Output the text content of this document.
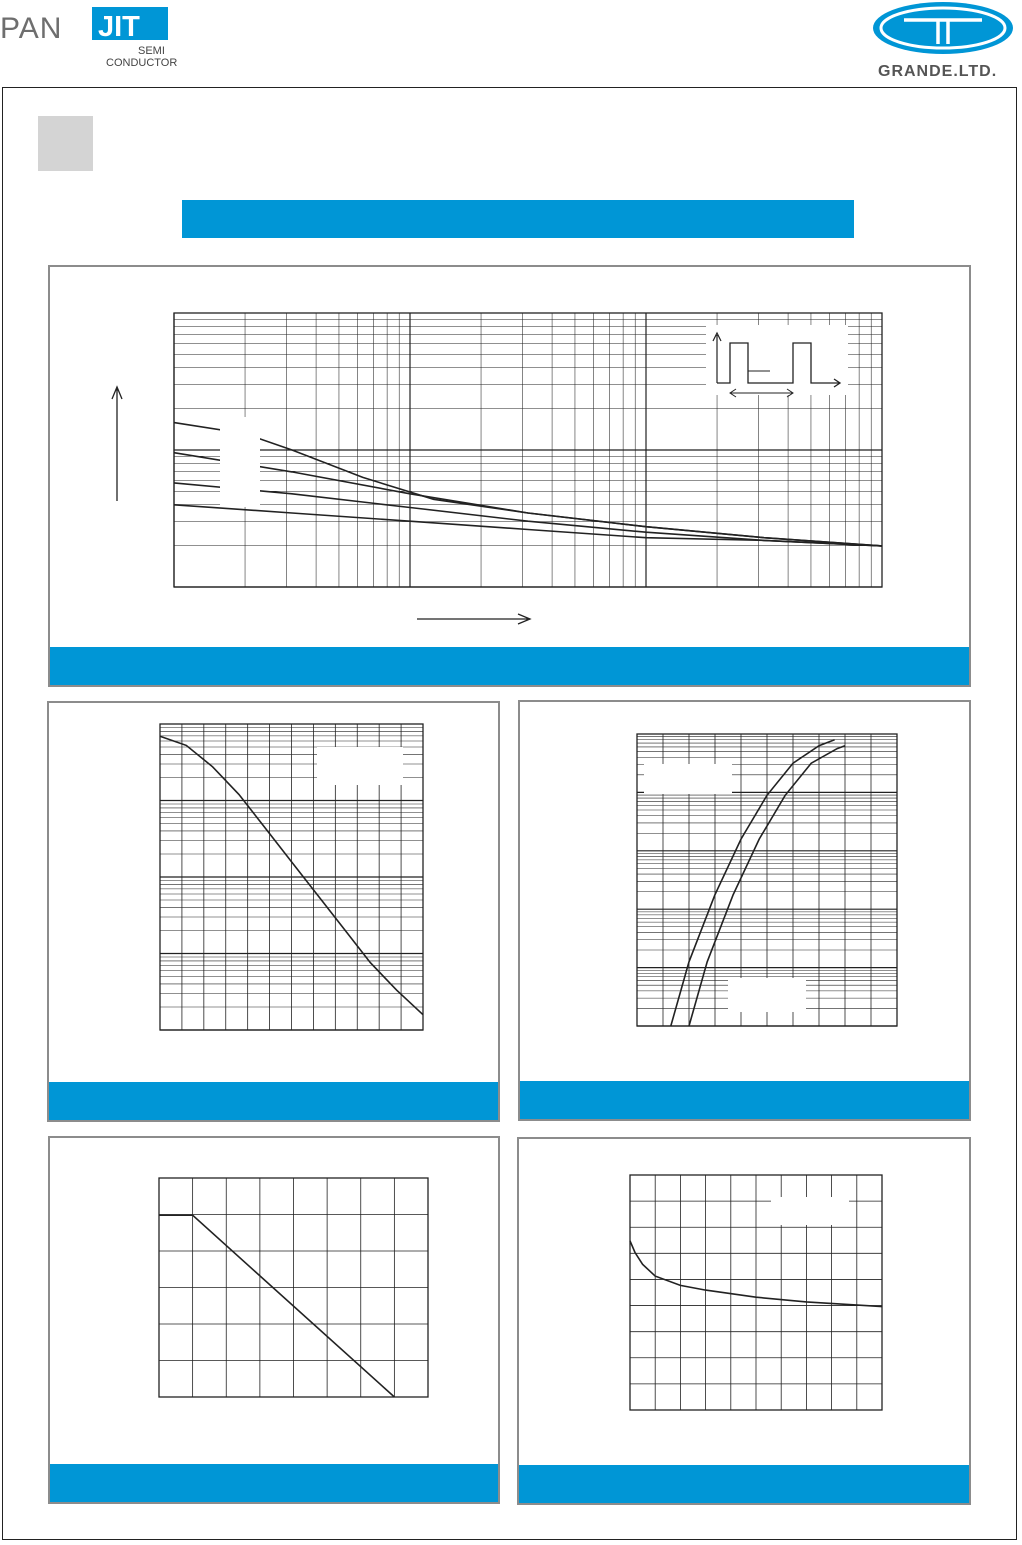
PAN JIT
SEMI
CONDUCTOR	GRANDE.LTD.
